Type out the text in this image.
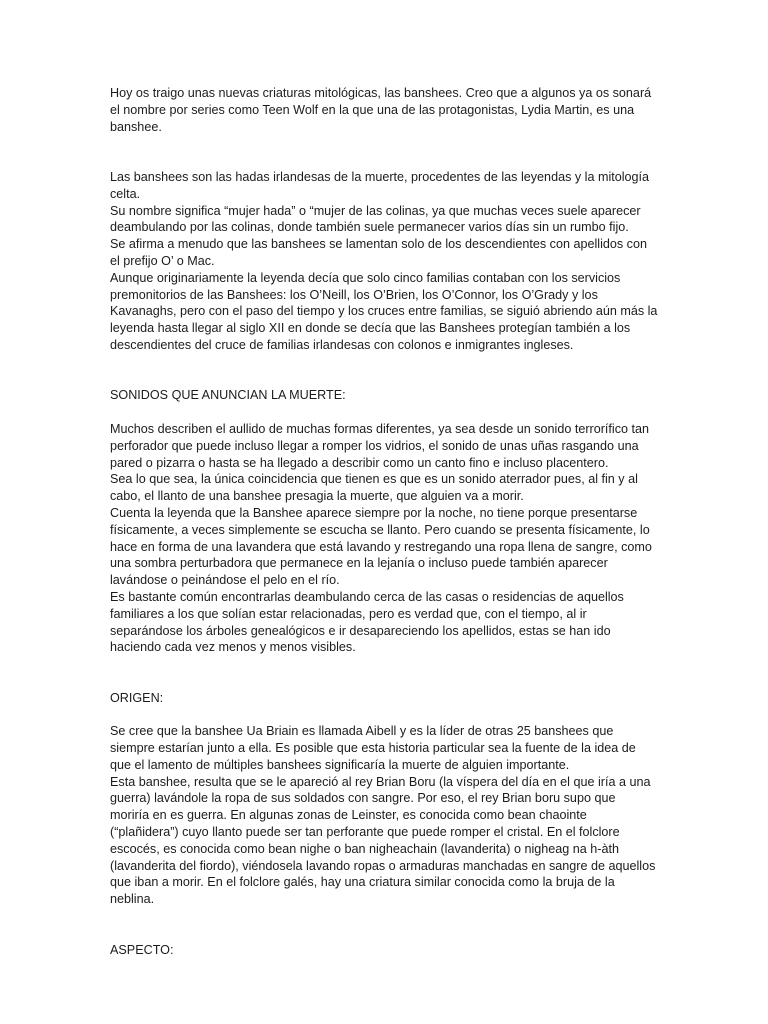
Hoy os traigo unas nuevas criaturas mitológicas, las banshees. Creo que a algunos ya os sonará el nombre por series como Teen Wolf en la que una de las protagonistas, Lydia Martin, es una banshee.

Las banshees son las hadas irlandesas de la muerte, procedentes de las leyendas y la mitología celta.

Su nombre significa “mujer hada” o “mujer de las colinas, ya que muchas veces suele aparecer deambulando por las colinas, donde también suele permanecer varios días sin un rumbo fijo.

Se afirma a menudo que las banshees se lamentan solo de los descendientes con apellidos con el prefijo O’ o Mac.

Aunque originariamente la leyenda decía que solo cinco familias contaban con los servicios premonitorios de las Banshees: los O’Neill, los O’Brien, los O’Connor, los O’Grady y los Kavanaghs, pero con el paso del tiempo y los cruces entre familias, se siguió abriendo aún más la leyenda hasta llegar al siglo XII en donde se decía que las Banshees protegían también a los descendientes del cruce de familias irlandesas con colonos e inmigrantes ingleses.

SONIDOS QUE ANUNCIAN LA MUERTE:

Muchos describen el aullido de muchas formas diferentes, ya sea desde un sonido terrorífico tan perforador que puede incluso llegar a romper los vidrios, el sonido de unas uñas rasgando una pared o pizarra o hasta se ha llegado a describir como un canto fino e incluso placentero.

Sea lo que sea, la única coincidencia que tienen es que es un sonido aterrador pues, al fin y al cabo, el llanto de una banshee presagia la muerte, que alguien va a morir.

Cuenta la leyenda que la Banshee aparece siempre por la noche, no tiene porque presentarse físicamente, a veces simplemente se escucha se llanto. Pero cuando se presenta físicamente, lo hace en forma de una lavandera que está lavando y restregando una ropa llena de sangre, como una sombra perturbadora que permanece en la lejanía o incluso puede también aparecer lavándose o peinándose el pelo en el río.

Es bastante común encontrarlas deambulando cerca de las casas o residencias de aquellos familiares a los que solían estar relacionadas, pero es verdad que, con el tiempo, al ir separándose los árboles genealógicos e ir desapareciendo los apellidos, estas se han ido haciendo cada vez menos y menos visibles.

ORIGEN:

Se cree que la banshee Ua Briain es llamada Aibell y es la líder de otras 25 banshees que siempre estarían junto a ella. Es posible que esta historia particular sea la fuente de la idea de que el lamento de múltiples banshees significaría la muerte de alguien importante.

Esta banshee, resulta que se le apareció al rey Brian Boru (la víspera del día en el que iría a una guerra) lavándole la ropa de sus soldados con sangre. Por eso, el rey Brian boru supo que moriría en es guerra. En algunas zonas de Leinster, es conocida como bean chaointe (“plañidera”) cuyo llanto puede ser tan perforante que puede romper el cristal. En el folclore escocés, es conocida como bean nighe o ban nigheachain (lavanderita) o nigheag na h-àth (lavanderita del fiordo), viéndosela lavando ropas o armaduras manchadas en sangre de aquellos que iban a morir. En el folclore galés, hay una criatura similar conocida como la bruja de la neblina.

ASPECTO:
